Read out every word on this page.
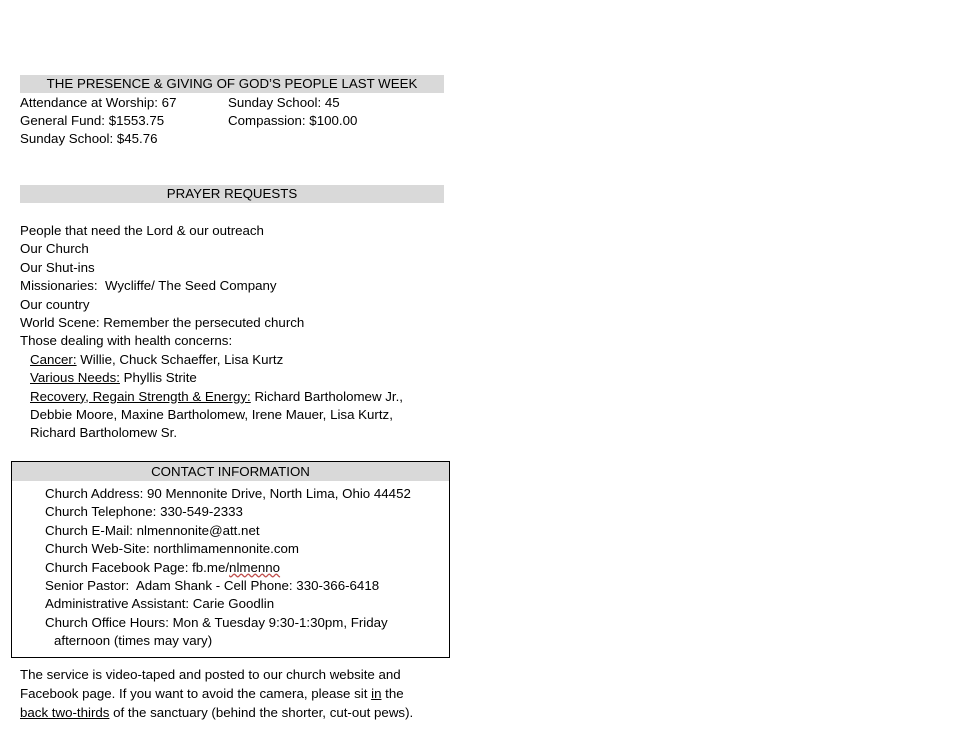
THE PRESENCE & GIVING OF GOD’S PEOPLE LAST WEEK
Attendance at Worship: 67	Sunday School: 45
General Fund: $1553.75	Compassion: $100.00
Sunday School: $45.76
PRAYER REQUESTS
People that need the Lord & our outreach
Our Church
Our Shut-ins
Missionaries:  Wycliffe/ The Seed Company
Our country
World Scene: Remember the persecuted church
Those dealing with health concerns:
Cancer: Willie, Chuck Schaeffer, Lisa Kurtz
Various Needs: Phyllis Strite
Recovery, Regain Strength & Energy: Richard Bartholomew Jr.,
Debbie Moore, Maxine Bartholomew, Irene Mauer, Lisa Kurtz,
Richard Bartholomew Sr.
CONTACT INFORMATION
Church Address: 90 Mennonite Drive, North Lima, Ohio 44452
Church Telephone: 330-549-2333
Church E-Mail: nlmennonite@att.net
Church Web-Site: northlimamennonite.com
Church Facebook Page: fb.me/nlmenno
Senior Pastor:  Adam Shank - Cell Phone: 330-366-6418
Administrative Assistant: Carie Goodlin
Church Office Hours: Mon & Tuesday 9:30-1:30pm, Friday
afternoon (times may vary)
The service is video-taped and posted to our church website and
Facebook page. If you want to avoid the camera, please sit in the
back two-thirds of the sanctuary (behind the shorter, cut-out pews).
